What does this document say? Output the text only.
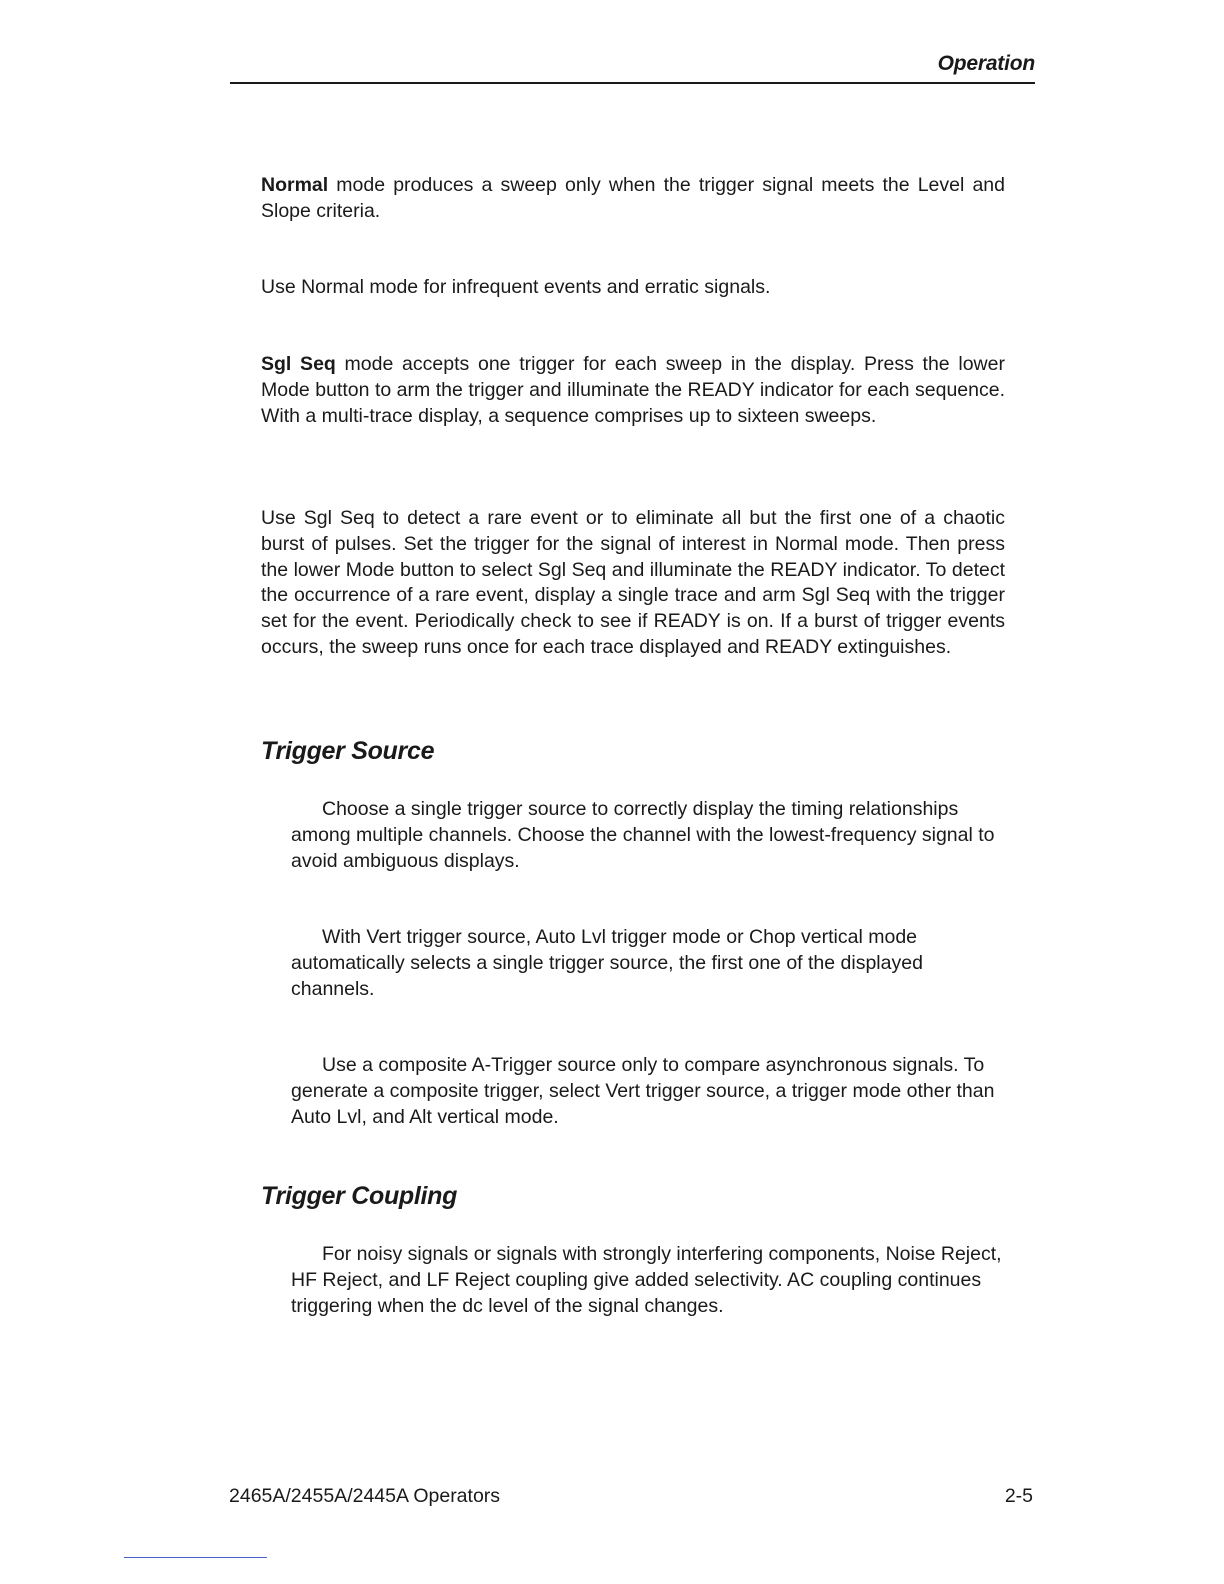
Operation

Normal mode produces a sweep only when the trigger signal meets the Level and Slope criteria.

Use Normal mode for infrequent events and erratic signals.

Sgl Seq mode accepts one trigger for each sweep in the display. Press the lower Mode button to arm the trigger and illuminate the READY indicator for each sequence. With a multi-trace display, a sequence comprises up to sixteen sweeps.

Use Sgl Seq to detect a rare event or to eliminate all but the first one of a chaotic burst of pulses. Set the trigger for the signal of interest in Normal mode. Then press the lower Mode button to select Sgl Seq and illuminate the READY indicator. To detect the occurrence of a rare event, display a single trace and arm Sgl Seq with the trigger set for the event. Periodically check to see if READY is on. If a burst of trigger events occurs, the sweep runs once for each trace displayed and READY extinguishes.

Trigger Source

Choose a single trigger source to correctly display the timing relationships among multiple channels. Choose the channel with the lowest-frequency signal to avoid ambiguous displays.

With Vert trigger source, Auto Lvl trigger mode or Chop vertical mode automatically selects a single trigger source, the first one of the displayed channels.

Use a composite A-Trigger source only to compare asynchronous signals. To generate a composite trigger, select Vert trigger source, a trigger mode other than Auto Lvl, and Alt vertical mode.

Trigger Coupling

For noisy signals or signals with strongly interfering components, Noise Reject, HF Reject, and LF Reject coupling give added selectivity. AC coupling continues triggering when the dc level of the signal changes.

2465A/2455A/2445A Operators	2-5
